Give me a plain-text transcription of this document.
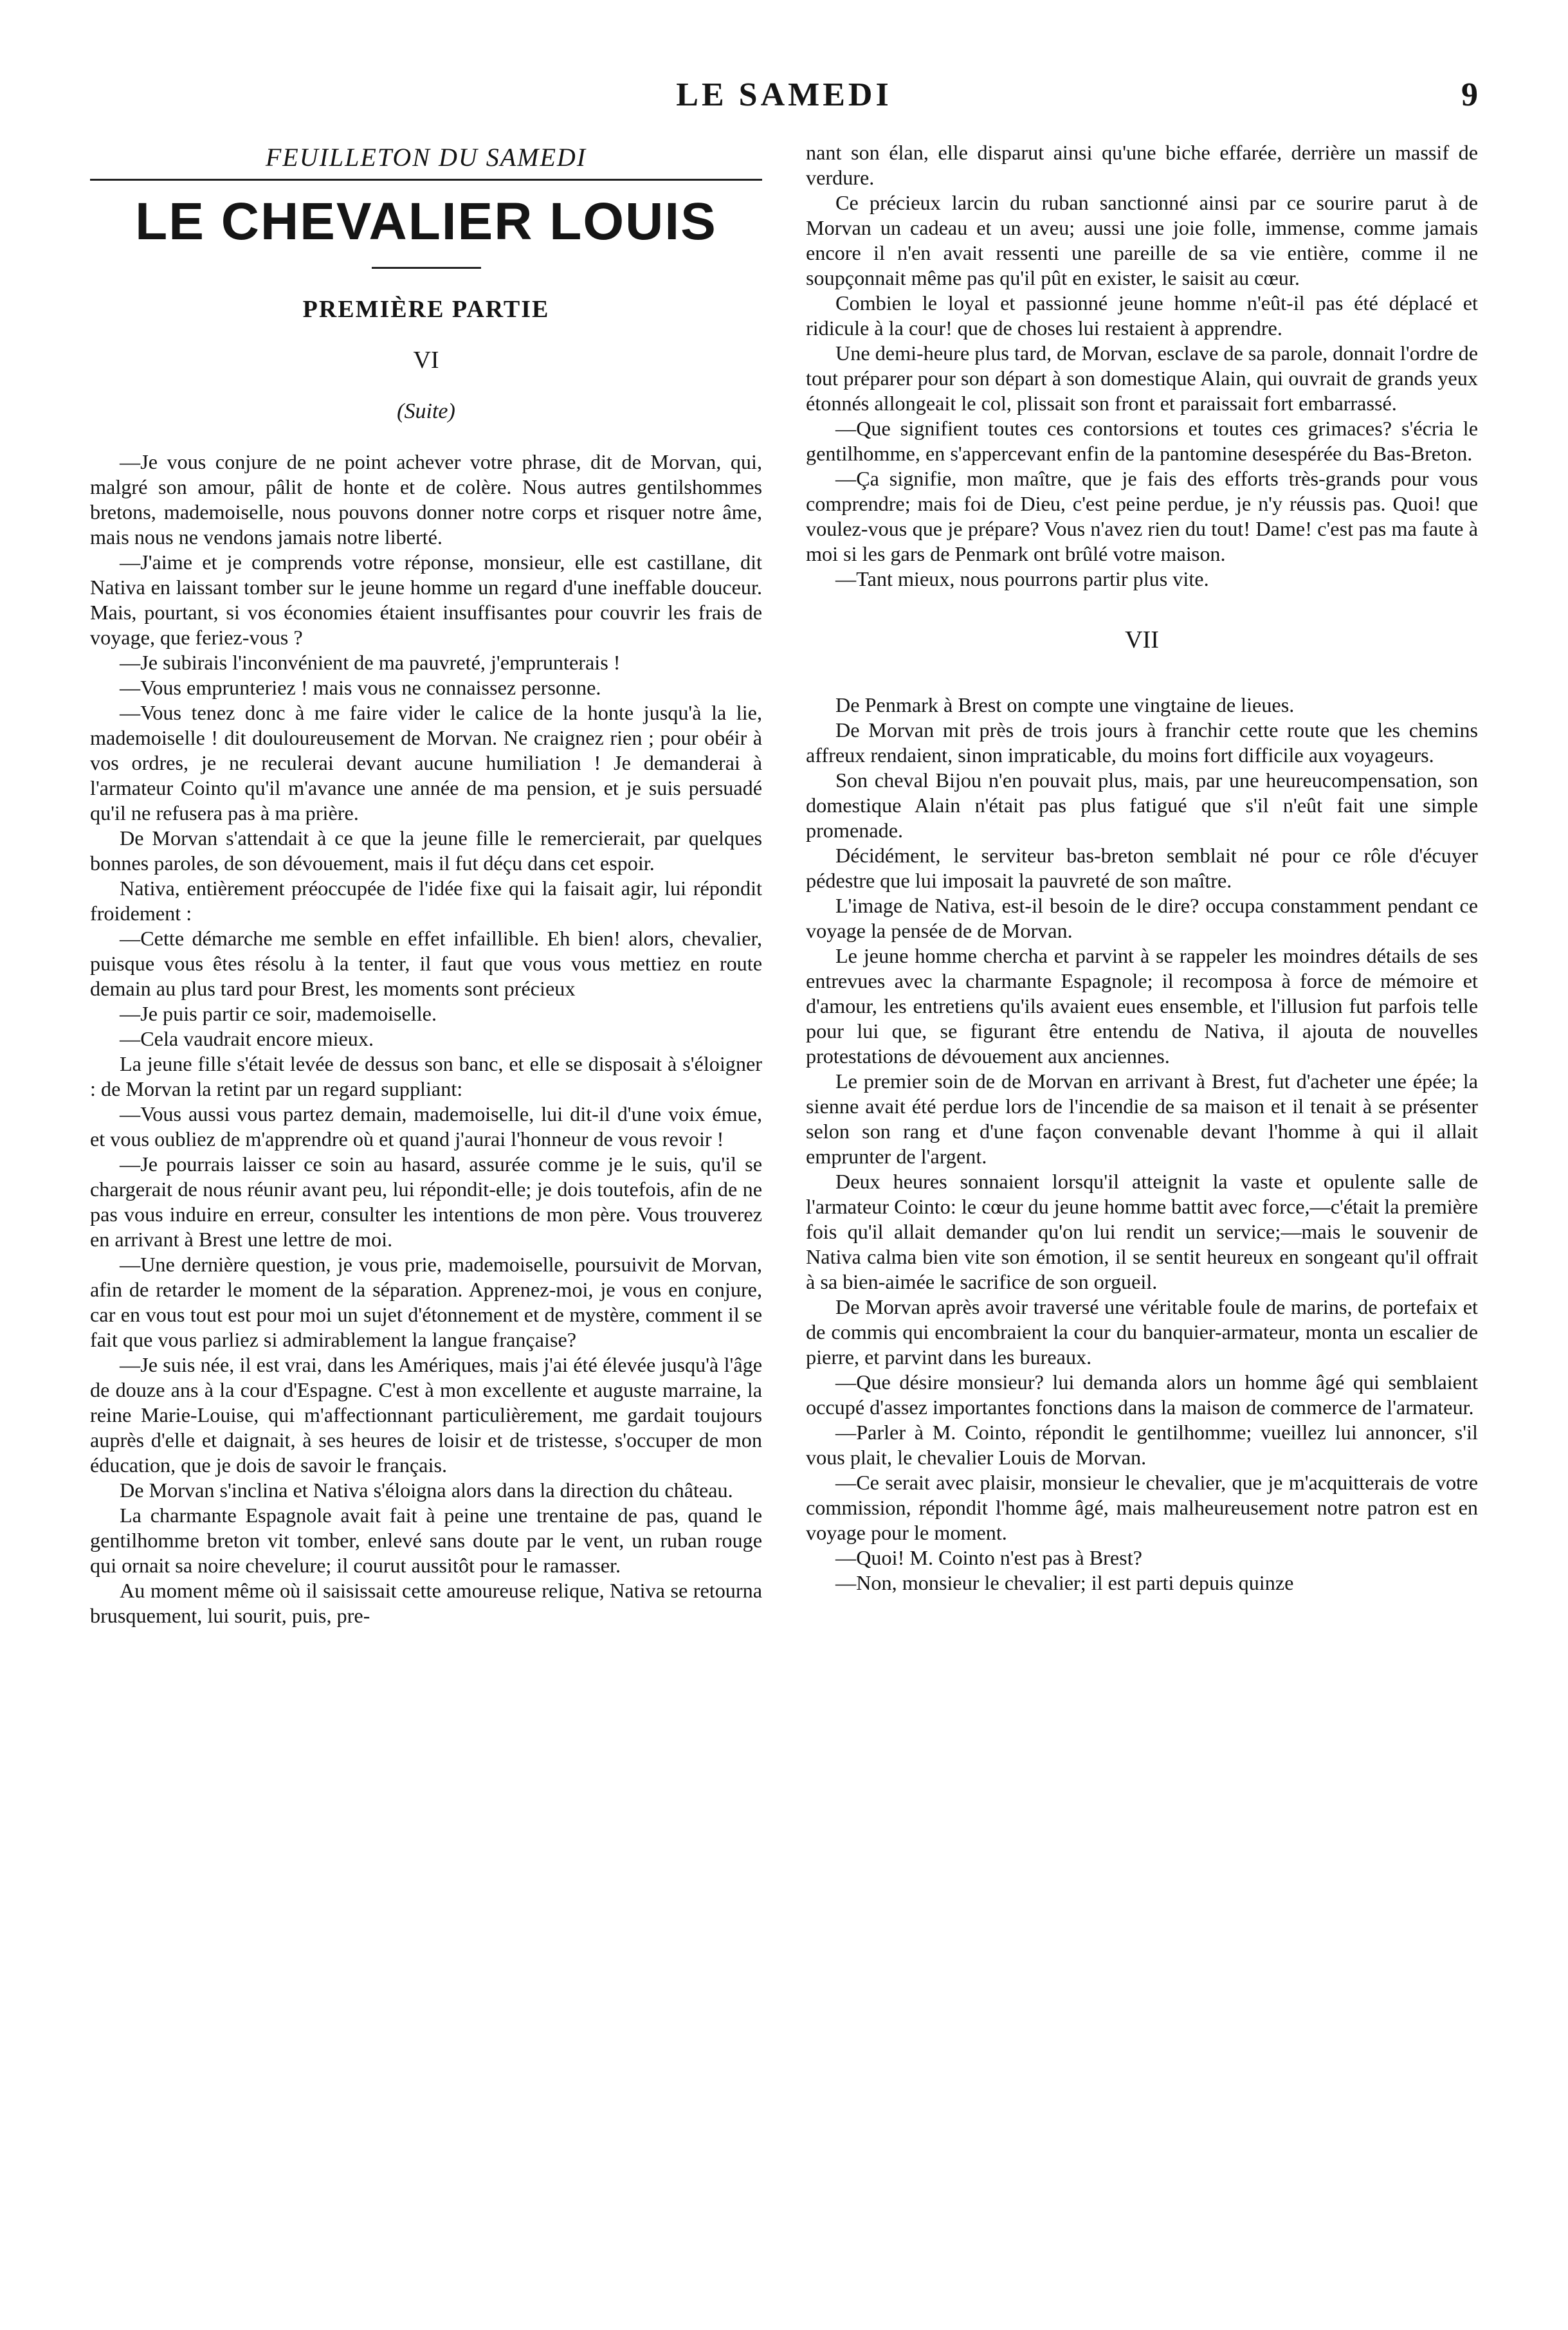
LE SAMEDI	9
FEUILLETON DU SAMEDI
LE CHEVALIER LOUIS
PREMIÈRE PARTIE
VI
(Suite)

—Je vous conjure de ne point achever votre phrase, dit de Morvan, qui, malgré son amour, pâlit de honte et de colère. Nous autres gentilshommes bretons, mademoiselle, nous pouvons donner notre corps et risquer notre âme, mais nous ne vendons jamais notre liberté.

—J'aime et je comprends votre réponse, monsieur, elle est castillane, dit Nativa en laissant tomber sur le jeune homme un regard d'une ineffable douceur. Mais, pourtant, si vos économies étaient insuffisantes pour couvrir les frais de voyage, que feriez-vous ?

—Je subirais l'inconvénient de ma pauvreté, j'emprunterais !

—Vous emprunteriez ! mais vous ne connaissez personne.

—Vous tenez donc à me faire vider le calice de la honte jusqu'à la lie, mademoiselle ! dit douloureusement de Morvan. Ne craignez rien ; pour obéir à vos ordres, je ne reculerai devant aucune humiliation ! Je demanderai à l'armateur Cointo qu'il m'avance une année de ma pension, et je suis persuadé qu'il ne refusera pas à ma prière.

De Morvan s'attendait à ce que la jeune fille le remercierait, par quelques bonnes paroles, de son dévouement, mais il fut déçu dans cet espoir.

Nativa, entièrement préoccupée de l'idée fixe qui la faisait agir, lui répondit froidement :

—Cette démarche me semble en effet infaillible. Eh bien! alors, chevalier, puisque vous êtes résolu à la tenter, il faut que vous vous mettiez en route demain au plus tard pour Brest, les moments sont précieux

—Je puis partir ce soir, mademoiselle.

—Cela vaudrait encore mieux.

La jeune fille s'était levée de dessus son banc, et elle se disposait à s'éloigner : de Morvan la retint par un regard suppliant:

—Vous aussi vous partez demain, mademoiselle, lui dit-il d'une voix émue, et vous oubliez de m'apprendre où et quand j'aurai l'honneur de vous revoir !

—Je pourrais laisser ce soin au hasard, assurée comme je le suis, qu'il se chargerait de nous réunir avant peu, lui répondit-elle; je dois toutefois, afin de ne pas vous induire en erreur, consulter les intentions de mon père. Vous trouverez en arrivant à Brest une lettre de moi.

—Une dernière question, je vous prie, mademoiselle, poursuivit de Morvan, afin de retarder le moment de la séparation. Apprenez-moi, je vous en conjure, car en vous tout est pour moi un sujet d'étonnement et de mystère, comment il se fait que vous parliez si admirablement la langue française?

—Je suis née, il est vrai, dans les Amériques, mais j'ai été élevée jusqu'à l'âge de douze ans à la cour d'Espagne. C'est à mon excellente et auguste marraine, la reine Marie-Louise, qui m'affectionnant particulièrement, me gardait toujours auprès d'elle et daignait, à ses heures de loisir et de tristesse, s'occuper de mon éducation, que je dois de savoir le français.

De Morvan s'inclina et Nativa s'éloigna alors dans la direction du château.

La charmante Espagnole avait fait à peine une trentaine de pas, quand le gentilhomme breton vit tomber, enlevé sans doute par le vent, un ruban rouge qui ornait sa noire chevelure; il courut aussitôt pour le ramasser.

Au moment même où il saisissait cette amoureuse relique, Nativa se retourna brusquement, lui sourit, puis, pre-

nant son élan, elle disparut ainsi qu'une biche effarée, derrière un massif de verdure.

Ce précieux larcin du ruban sanctionné ainsi par ce sourire parut à de Morvan un cadeau et un aveu; aussi une joie folle, immense, comme jamais encore il n'en avait ressenti une pareille de sa vie entière, comme il ne soupçonnait même pas qu'il pût en exister, le saisit au cœur.

Combien le loyal et passionné jeune homme n'eût-il pas été déplacé et ridicule à la cour! que de choses lui restaient à apprendre.

Une demi-heure plus tard, de Morvan, esclave de sa parole, donnait l'ordre de tout préparer pour son départ à son domestique Alain, qui ouvrait de grands yeux étonnés allongeait le col, plissait son front et paraissait fort embarrassé.

—Que signifient toutes ces contorsions et toutes ces grimaces? s'écria le gentilhomme, en s'appercevant enfin de la pantomine desespérée du Bas-Breton.

—Ça signifie, mon maître, que je fais des efforts très-grands pour vous comprendre; mais foi de Dieu, c'est peine perdue, je n'y réussis pas. Quoi! que voulez-vous que je prépare? Vous n'avez rien du tout! Dame! c'est pas ma faute à moi si les gars de Penmark ont brûlé votre maison.

—Tant mieux, nous pourrons partir plus vite.

VII

De Penmark à Brest on compte une vingtaine de lieues.

De Morvan mit près de trois jours à franchir cette route que les chemins affreux rendaient, sinon impraticable, du moins fort difficile aux voyageurs.

Son cheval Bijou n'en pouvait plus, mais, par une heureucompensation, son domestique Alain n'était pas plus fatigué que s'il n'eût fait une simple promenade.

Décidément, le serviteur bas-breton semblait né pour ce rôle d'écuyer pédestre que lui imposait la pauvreté de son maître.

L'image de Nativa, est-il besoin de le dire? occupa constamment pendant ce voyage la pensée de de Morvan.

Le jeune homme chercha et parvint à se rappeler les moindres détails de ses entrevues avec la charmante Espagnole; il recomposa à force de mémoire et d'amour, les entretiens qu'ils avaient eues ensemble, et l'illusion fut parfois telle pour lui que, se figurant être entendu de Nativa, il ajouta de nouvelles protestations de dévouement aux anciennes.

Le premier soin de de Morvan en arrivant à Brest, fut d'acheter une épée; la sienne avait été perdue lors de l'incendie de sa maison et il tenait à se présenter selon son rang et d'une façon convenable devant l'homme à qui il allait emprunter de l'argent.

Deux heures sonnaient lorsqu'il atteignit la vaste et opulente salle de l'armateur Cointo: le cœur du jeune homme battit avec force,—c'était la première fois qu'il allait demander qu'on lui rendit un service;—mais le souvenir de Nativa calma bien vite son émotion, il se sentit heureux en songeant qu'il offrait à sa bien-aimée le sacrifice de son orgueil.

De Morvan après avoir traversé une véritable foule de marins, de portefaix et de commis qui encombraient la cour du banquier-armateur, monta un escalier de pierre, et parvint dans les bureaux.

—Que désire monsieur? lui demanda alors un homme âgé qui semblaient occupé d'assez importantes fonctions dans la maison de commerce de l'armateur.

—Parler à M. Cointo, répondit le gentilhomme; vueillez lui annoncer, s'il vous plait, le chevalier Louis de Morvan.

—Ce serait avec plaisir, monsieur le chevalier, que je m'acquitterais de votre commission, répondit l'homme âgé, mais malheureusement notre patron est en voyage pour le moment.

—Quoi! M. Cointo n'est pas à Brest?

—Non, monsieur le chevalier; il est parti depuis quinze
